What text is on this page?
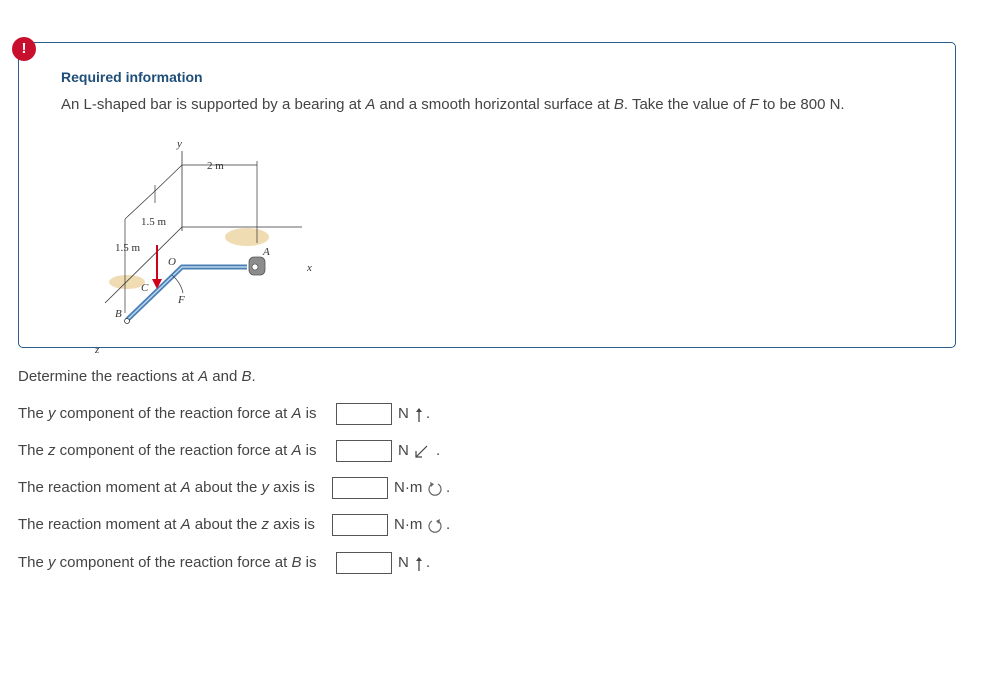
!
Required information
An L-shaped bar is supported by a bearing at A and a smooth horizontal surface at B. Take the value of F to be 800 N.
y
x
z
2 m
1.5 m
1.5 m
O
A
B
C
F
Determine the reactions at A and B.
The y component of the reaction force at A is	N .
The z component of the reaction force at A is	N .
The reaction moment at A about the y axis is	N·m .
The reaction moment at A about the z axis is	N·m .
The y component of the reaction force at B is	N .
